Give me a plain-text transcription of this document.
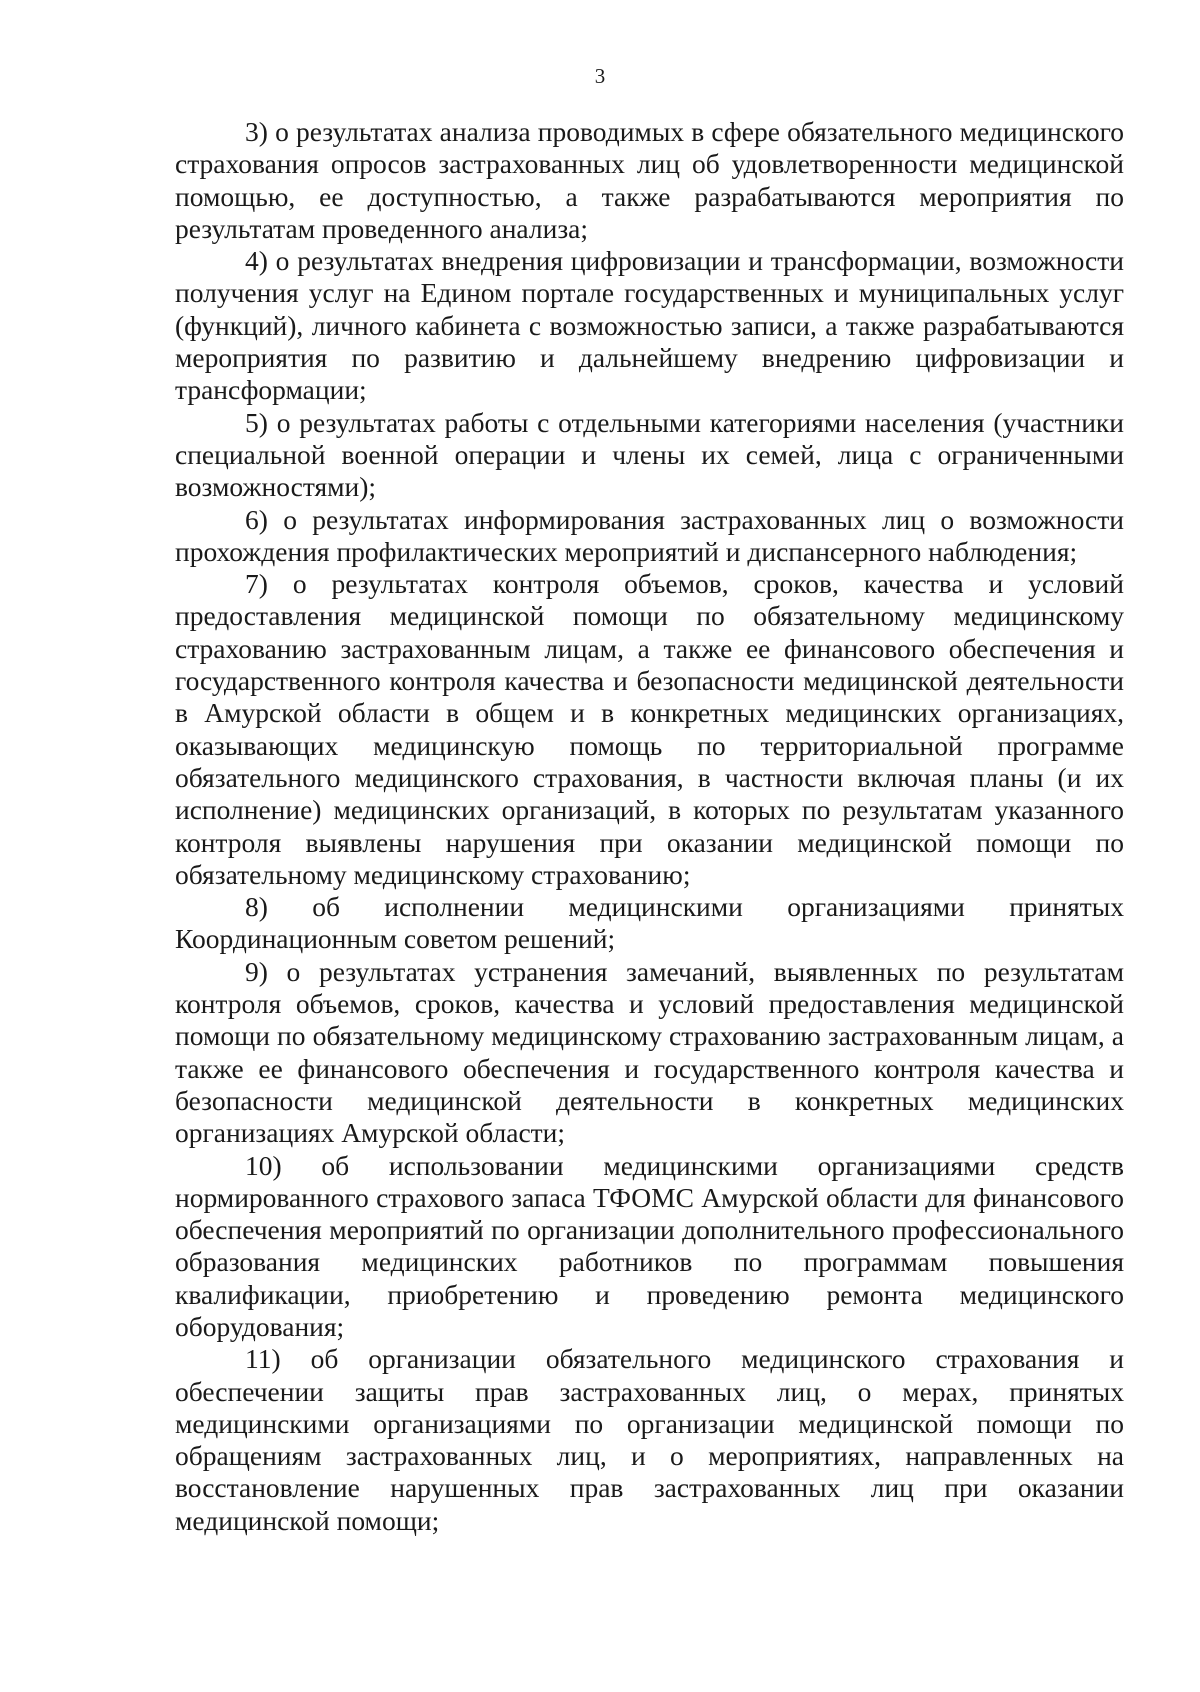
3

3) о результатах анализа проводимых в сфере обязательного медицинского страхования опросов застрахованных лиц об удовлетворенности медицинской помощью, ее доступностью, а также разрабатываются мероприятия по результатам проведенного анализа;

4) о результатах внедрения цифровизации и трансформации, возможности получения услуг на Едином портале государственных и муниципальных услуг (функций), личного кабинета с возможностью записи, а также разрабатываются мероприятия по развитию и дальнейшему внедрению цифровизации и трансформации;

5) о результатах работы с отдельными категориями населения (участники специальной военной операции и члены их семей, лица с ограниченными возможностями);

6) о результатах информирования застрахованных лиц о возможности прохождения профилактических мероприятий и диспансерного наблюдения;

7) о результатах контроля объемов, сроков, качества и условий предоставления медицинской помощи по обязательному медицинскому страхованию застрахованным лицам, а также ее финансового обеспечения и государственного контроля качества и безопасности медицинской деятельности в Амурской области в общем и в конкретных медицинских организациях, оказывающих медицинскую помощь по территориальной программе обязательного медицинского страхования, в частности включая планы (и их исполнение) медицинских организаций, в которых по результатам указанного контроля выявлены нарушения при оказании медицинской помощи по обязательному медицинскому страхованию;

8) об исполнении медицинскими организациями принятых Координационным советом решений;

9) о результатах устранения замечаний, выявленных по результатам контроля объемов, сроков, качества и условий предоставления медицинской помощи по обязательному медицинскому страхованию застрахованным лицам, а также ее финансового обеспечения и государственного контроля качества и безопасности медицинской деятельности в конкретных медицинских организациях Амурской области;

10) об использовании медицинскими организациями средств нормированного страхового запаса ТФОМС Амурской области для финансового обеспечения мероприятий по организации дополнительного профессионального образования медицинских работников по программам повышения квалификации, приобретению и проведению ремонта медицинского оборудования;

11) об организации обязательного медицинского страхования и обеспечении защиты прав застрахованных лиц, о мерах, принятых медицинскими организациями по организации медицинской помощи по обращениям застрахованных лиц, и о мероприятиях, направленных на восстановление нарушенных прав застрахованных лиц при оказании медицинской помощи;
